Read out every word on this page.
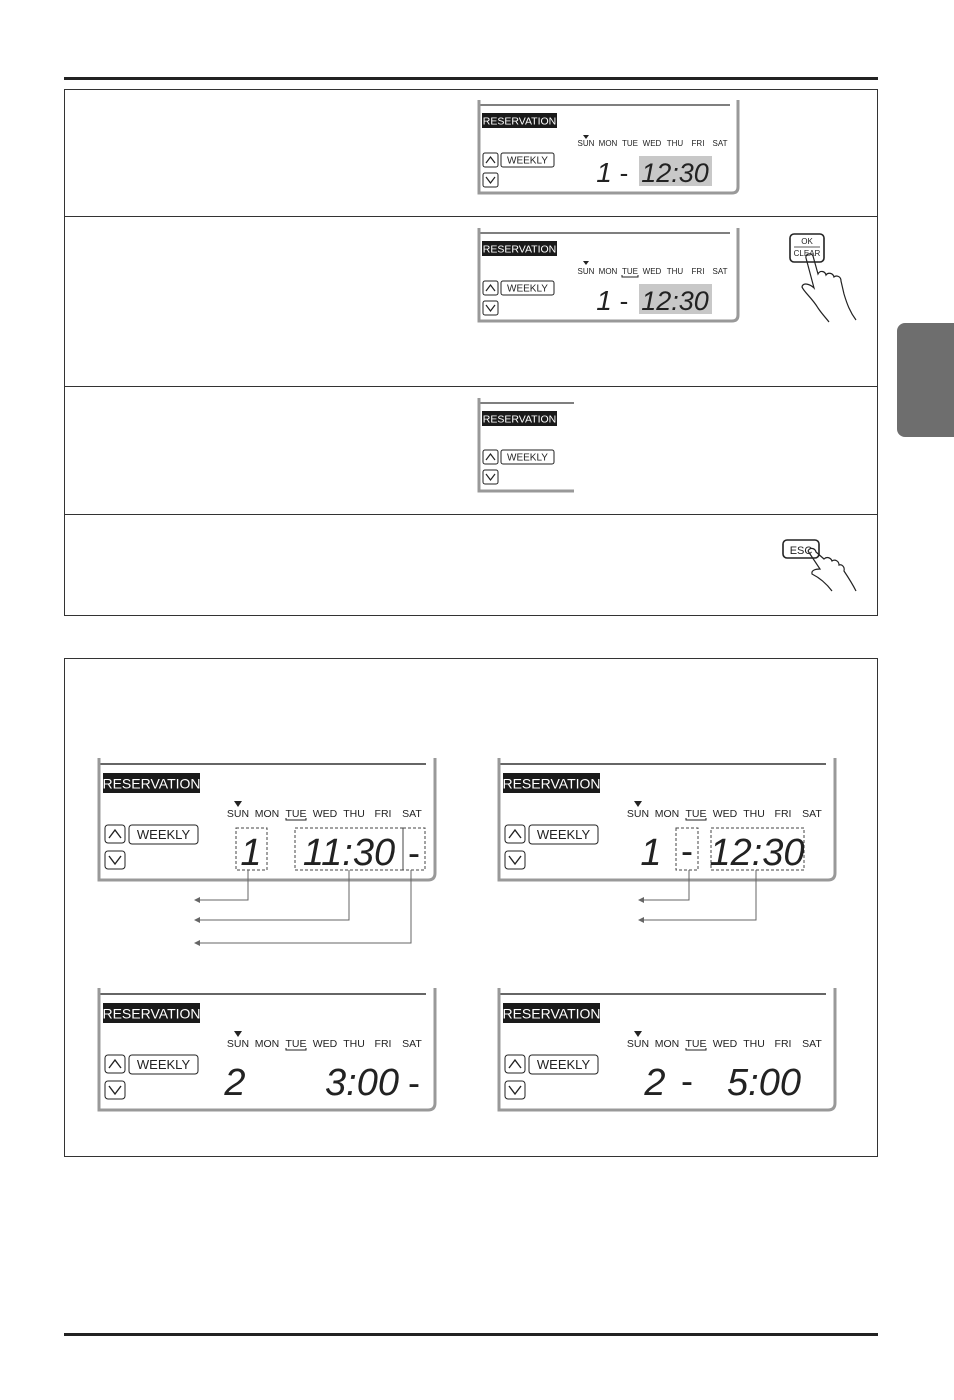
RESERVATION
SUN MON TUE WED THU FRI SAT
WEEKLY 1 - 12:30
RESERVATION
SUN MON TUE WED THU FRI SAT
WEEKLY 1 - 12:30
OK
CLEAR
RESERVATION
WEEKLY
ESC
RESERVATION
SUN MON TUE WED THU FRI SAT
WEEKLY 1 11:30 -
RESERVATION
SUN MON TUE WED THU FRI SAT
WEEKLY 1 - 12:30
RESERVATION
SUN MON TUE WED THU FRI SAT
WEEKLY 2 3:00 -
RESERVATION
SUN MON TUE WED THU FRI SAT
WEEKLY 2 - 5:00
